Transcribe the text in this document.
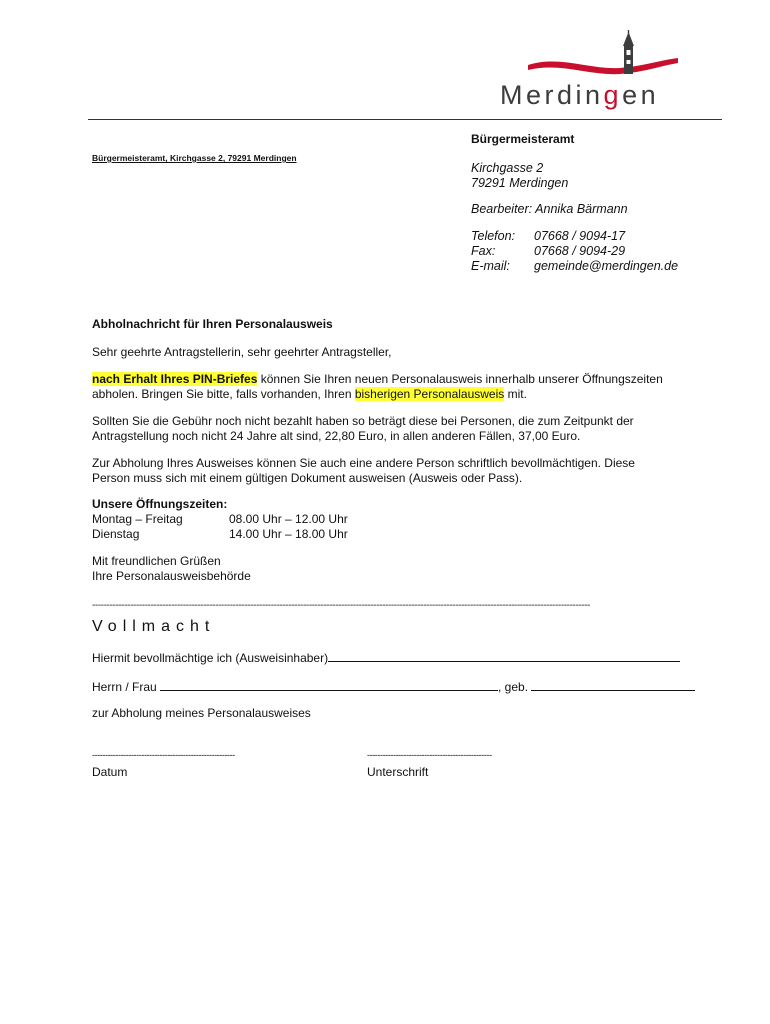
Merdingen
Bürgermeisteramt, Kirchgasse 2, 79291 Merdingen
Bürgermeisteramt
Kirchgasse 2
79291 Merdingen
Bearbeiter: Annika Bärmann
Telefon:	07668 / 9094-17
Fax:	07668 / 9094-29
E-mail:	gemeinde@merdingen.de
Abholnachricht für Ihren Personalausweis
Sehr geehrte Antragstellerin, sehr geehrter Antragsteller,
nach Erhalt Ihres PIN-Briefes können Sie Ihren neuen Personalausweis innerhalb unserer Öffnungszeiten
abholen. Bringen Sie bitte, falls vorhanden, Ihren bisherigen Personalausweis mit.
Sollten Sie die Gebühr noch nicht bezahlt haben so beträgt diese bei Personen, die zum Zeitpunkt der
Antragstellung noch nicht 24 Jahre alt sind, 22,80 Euro, in allen anderen Fällen, 37,00 Euro.
Zur Abholung Ihres Ausweises können Sie auch eine andere Person schriftlich bevollmächtigen. Diese
Person muss sich mit einem gültigen Dokument ausweisen (Ausweis oder Pass).
Unsere Öffnungszeiten:
Montag – Freitag	08.00 Uhr – 12.00 Uhr
Dienstag	14.00 Uhr – 18.00 Uhr
Mit freundlichen Grüßen
Ihre Personalausweisbehörde
--------------------------------------------------------------------------------------------------------------------------------------------------------------------------
Vollmacht
Hiermit bevollmächtige ich (Ausweisinhaber)
Herrn / Frau	, geb.
zur Abholung meines Personalausweises
-------------------------------------------------------	------------------------------------------------
Datum	Unterschrift
